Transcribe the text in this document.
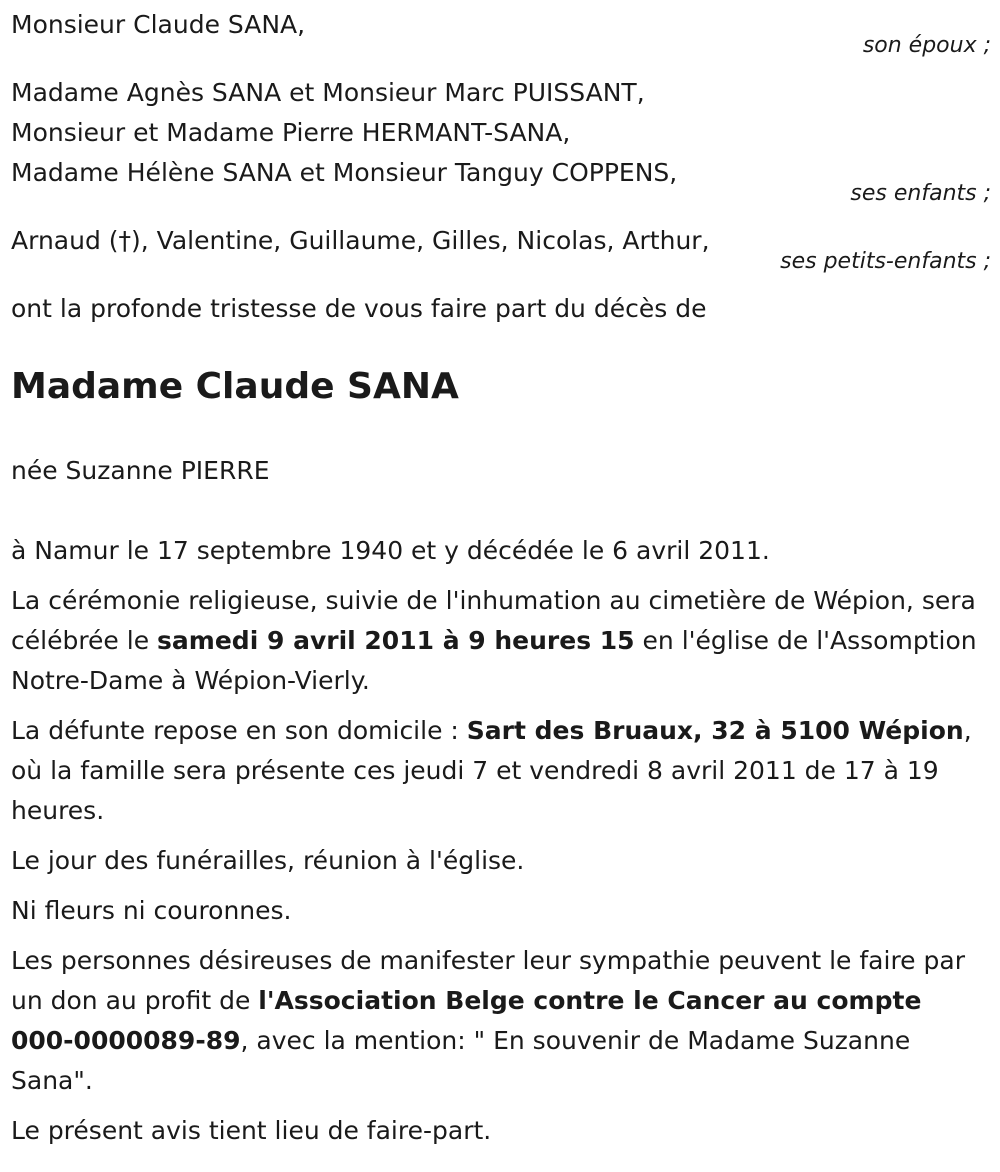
Monsieur Claude SANA,
son époux ;
Madame Agnès SANA et Monsieur Marc PUISSANT,
Monsieur et Madame Pierre HERMANT-SANA,
Madame Hélène SANA et Monsieur Tanguy COPPENS,
ses enfants ;
Arnaud (†), Valentine, Guillaume, Gilles, Nicolas, Arthur,
ses petits-enfants ;
ont la profonde tristesse de vous faire part du décès de
Madame Claude SANA
née Suzanne PIERRE

à Namur le 17 septembre 1940 et y décédée le 6 avril 2011.

La cérémonie religieuse, suivie de l'inhumation au cimetière de Wépion, sera célébrée le samedi 9 avril 2011 à 9 heures 15 en l'église de l'Assomption Notre-Dame à Wépion-Vierly.

La défunte repose en son domicile : Sart des Bruaux, 32 à 5100 Wépion, où la famille sera présente ces jeudi 7 et vendredi 8 avril 2011 de 17 à 19 heures.

Le jour des funérailles, réunion à l'église.

Ni fleurs ni couronnes.

Les personnes désireuses de manifester leur sympathie peuvent le faire par un don au profit de l'Association Belge contre le Cancer au compte 000-0000089-89, avec la mention: " En souvenir de Madame Suzanne Sana".

Le présent avis tient lieu de faire-part.
